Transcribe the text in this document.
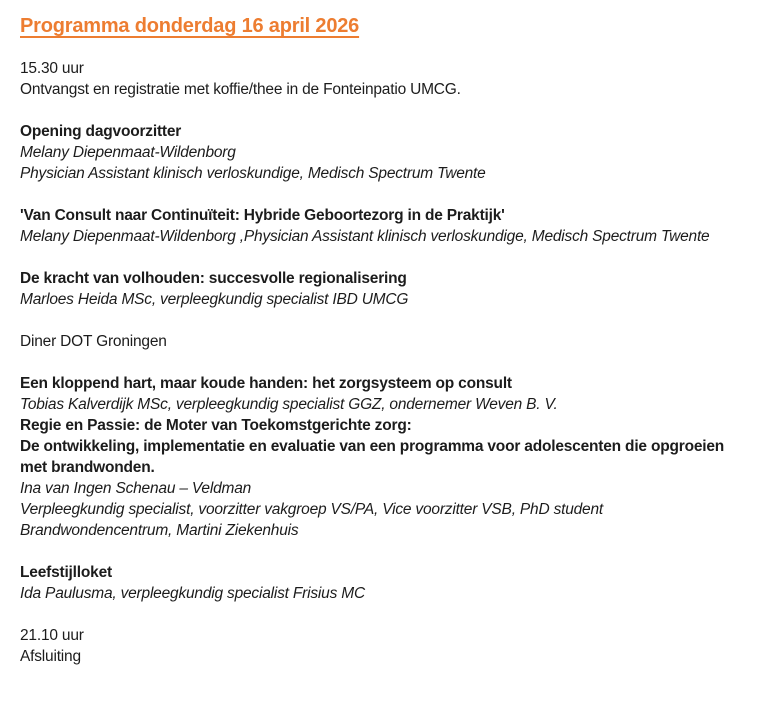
Programma donderdag 16 april 2026

15.30 uur

Ontvangst en registratie met koffie/thee in de Fonteinpatio UMCG.

Opening dagvoorzitter

Melany Diepenmaat-Wildenborg

Physician Assistant klinisch verloskundige, Medisch Spectrum Twente

'Van Consult naar Continuïteit: Hybride Geboortezorg in de Praktijk'

Melany Diepenmaat-Wildenborg ,Physician Assistant klinisch verloskundige, Medisch Spectrum Twente

De kracht van volhouden: succesvolle regionalisering

Marloes Heida MSc, verpleegkundig specialist IBD UMCG

Diner DOT Groningen

Een kloppend hart, maar koude handen: het zorgsysteem op consult

Tobias Kalverdijk MSc, verpleegkundig specialist GGZ, ondernemer Weven B. V.

Regie en Passie: de Moter van Toekomstgerichte zorg:

De ontwikkeling, implementatie en evaluatie van een programma voor adolescenten die opgroeien met brandwonden.

Ina van Ingen Schenau – Veldman

Verpleegkundig specialist, voorzitter vakgroep VS/PA, Vice voorzitter VSB, PhD student Brandwondencentrum, Martini Ziekenhuis

Leefstijlloket

Ida Paulusma, verpleegkundig specialist Frisius MC

21.10 uur

Afsluiting
